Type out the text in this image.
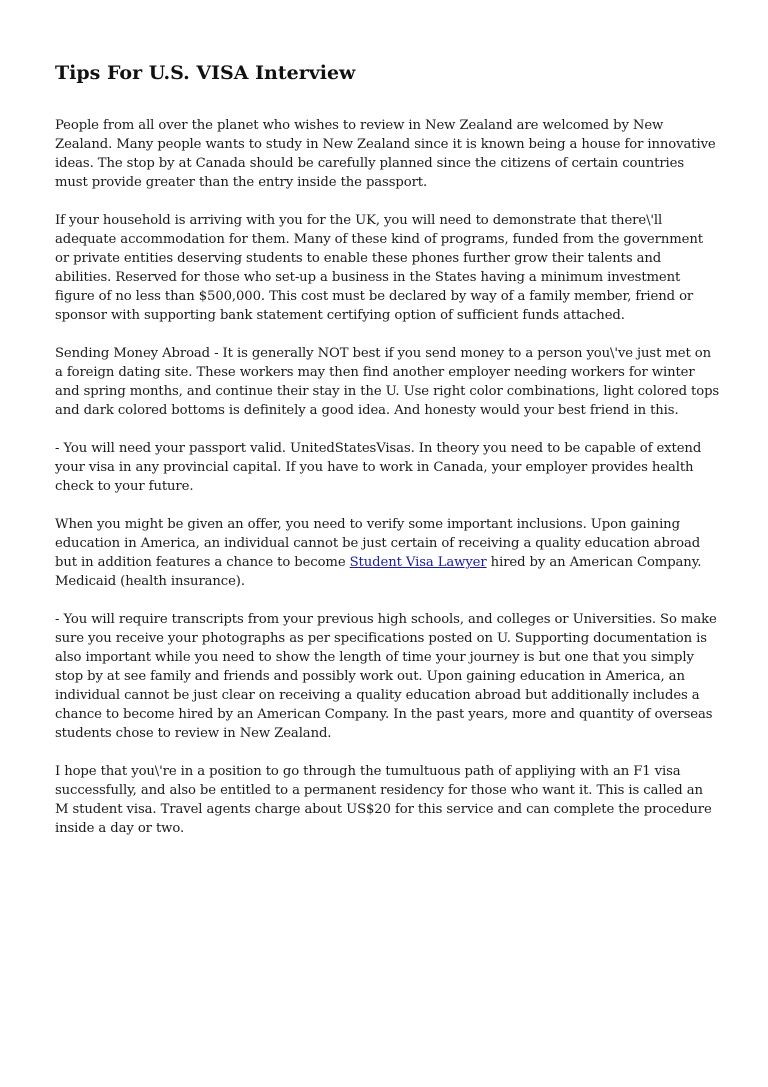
Tips For U.S. VISA Interview

People from all over the planet who wishes to review in New Zealand are welcomed by New Zealand. Many people wants to study in New Zealand since it is known being a house for innovative ideas. The stop by at Canada should be carefully planned since the citizens of certain countries must provide greater than the entry inside the passport.

If your household is arriving with you for the UK, you will need to demonstrate that there\'ll adequate accommodation for them. Many of these kind of programs, funded from the government or private entities deserving students to enable these phones further grow their talents and abilities. Reserved for those who set-up a business in the States having a minimum investment figure of no less than $500,000. This cost must be declared by way of a family member, friend or sponsor with supporting bank statement certifying option of sufficient funds attached.

Sending Money Abroad - It is generally NOT best if you send money to a person you\'ve just met on a foreign dating site. These workers may then find another employer needing workers for winter and spring months, and continue their stay in the U. Use right color combinations, light colored tops and dark colored bottoms is definitely a good idea. And honesty would your best friend in this.

- You will need your passport valid. UnitedStatesVisas. In theory you need to be capable of extend your visa in any provincial capital. If you have to work in Canada, your employer provides health check to your future.

When you might be given an offer, you need to verify some important inclusions. Upon gaining education in America, an individual cannot be just certain of receiving a quality education abroad but in addition features a chance to become Student Visa Lawyer hired by an American Company. Medicaid (health insurance).

- You will require transcripts from your previous high schools, and colleges or Universities. So make sure you receive your photographs as per specifications posted on U. Supporting documentation is also important while you need to show the length of time your journey is but one that you simply stop by at see family and friends and possibly work out. Upon gaining education in America, an individual cannot be just clear on receiving a quality education abroad but additionally includes a chance to become hired by an American Company. In the past years, more and quantity of overseas students chose to review in New Zealand.

I hope that you\'re in a position to go through the tumultuous path of appliying with an F1 visa successfully, and also be entitled to a permanent residency for those who want it. This is called an M student visa. Travel agents charge about US$20 for this service and can complete the procedure inside a day or two.
